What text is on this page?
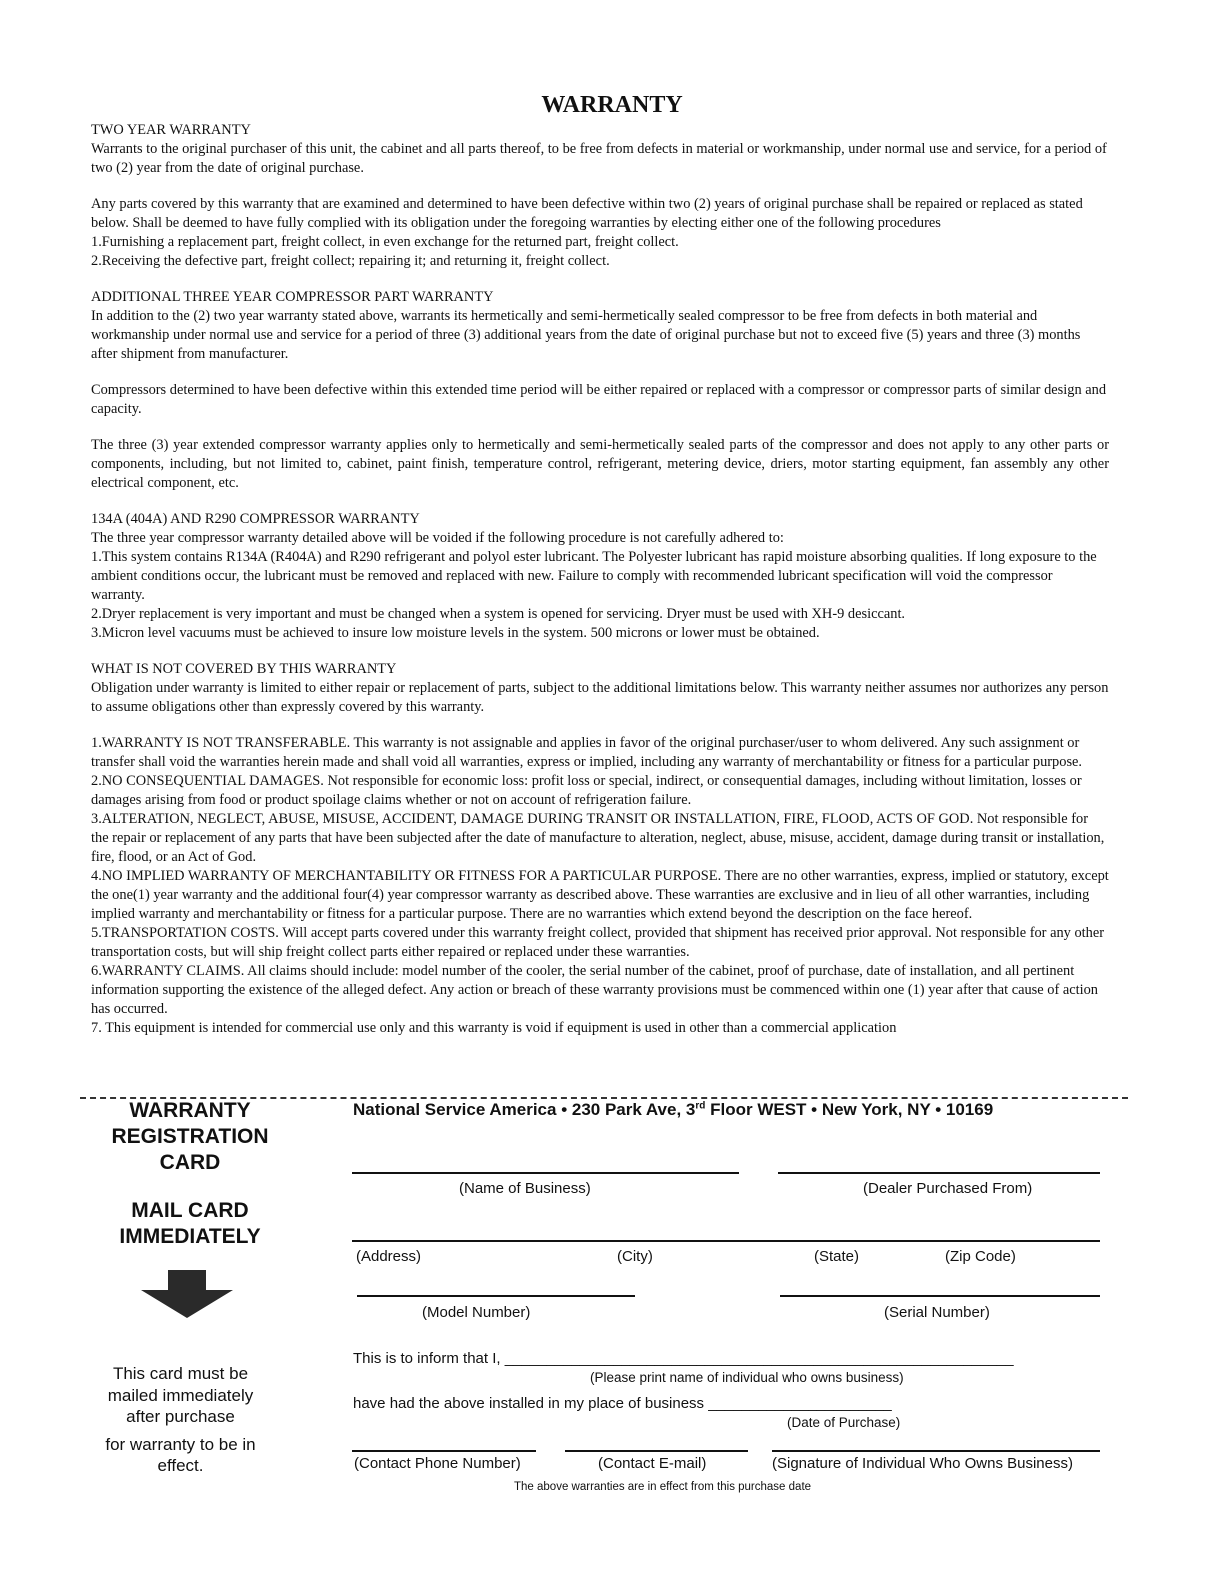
WARRANTY

TWO YEAR WARRANTY

Warrants to the original purchaser of this unit, the cabinet and all parts thereof, to be free from defects in material or workmanship, under normal use and service, for a period of two (2) year from the date of original purchase.

Any parts covered by this warranty that are examined and determined to have been defective within two (2) years of original purchase shall be repaired or replaced as stated below. Shall be deemed to have fully complied with its obligation under the foregoing warranties by electing either one of the following procedures

1.Furnishing a replacement part, freight collect, in even exchange for the returned part, freight collect.

2.Receiving the defective part, freight collect; repairing it; and returning it, freight collect.

ADDITIONAL THREE YEAR COMPRESSOR PART WARRANTY

In addition to the (2) two year warranty stated above, warrants its hermetically and semi-hermetically sealed compressor to be free from defects in both material and workmanship under normal use and service for a period of three (3) additional years from the date of original purchase but not to exceed five (5) years and three (3) months after shipment from manufacturer.

Compressors determined to have been defective within this extended time period will be either repaired or replaced with a compressor or compressor parts of similar design and capacity.

The three (3) year extended compressor warranty applies only to hermetically and semi-hermetically sealed parts of the compressor and does not apply to any other parts or components, including, but not limited to, cabinet, paint finish, temperature control, refrigerant, metering device, driers, motor starting equipment, fan assembly any other electrical component, etc.

134A (404A) AND R290 COMPRESSOR WARRANTY

The three year compressor warranty detailed above will be voided if the following procedure is not carefully adhered to:

1.This system contains R134A (R404A) and R290 refrigerant and polyol ester lubricant. The Polyester lubricant has rapid moisture absorbing qualities. If long exposure to the ambient conditions occur, the lubricant must be removed and replaced with new. Failure to comply with recommended lubricant specification will void the compressor warranty.

2.Dryer replacement is very important and must be changed when a system is opened for servicing. Dryer must be used with XH-9 desiccant.

3.Micron level vacuums must be achieved to insure low moisture levels in the system. 500 microns or lower must be obtained.

WHAT IS NOT COVERED BY THIS WARRANTY

Obligation under warranty is limited to either repair or replacement of parts, subject to the additional limitations below. This warranty neither assumes nor authorizes any person to assume obligations other than expressly covered by this warranty.

1.WARRANTY IS NOT TRANSFERABLE. This warranty is not assignable and applies in favor of the original purchaser/user to whom delivered. Any such assignment or transfer shall void the warranties herein made and shall void all warranties, express or implied, including any warranty of merchantability or fitness for a particular purpose.

2.NO CONSEQUENTIAL DAMAGES. Not responsible for economic loss: profit loss or special, indirect, or consequential damages, including without limitation, losses or damages arising from food or product spoilage claims whether or not on account of refrigeration failure.

3.ALTERATION, NEGLECT, ABUSE, MISUSE, ACCIDENT, DAMAGE DURING TRANSIT OR INSTALLATION, FIRE, FLOOD, ACTS OF GOD. Not responsible for the repair or replacement of any parts that have been subjected after the date of manufacture to alteration, neglect, abuse, misuse, accident, damage during transit or installation, fire, flood, or an Act of God.

4.NO IMPLIED WARRANTY OF MERCHANTABILITY OR FITNESS FOR A PARTICULAR PURPOSE. There are no other warranties, express, implied or statutory, except the one(1) year warranty and the additional four(4) year compressor warranty as described above. These warranties are exclusive and in lieu of all other warranties, including implied warranty and merchantability or fitness for a particular purpose. There are no warranties which extend beyond the description on the face hereof.

5.TRANSPORTATION COSTS. Will accept parts covered under this warranty freight collect, provided that shipment has received prior approval. Not responsible for any other transportation costs, but will ship freight collect parts either repaired or replaced under these warranties.

6.WARRANTY CLAIMS. All claims should include: model number of the cooler, the serial number of the cabinet, proof of purchase, date of installation, and all pertinent information supporting the existence of the alleged defect. Any action or breach of these warranty provisions must be commenced within one (1) year after that cause of action has occurred.

7. This equipment is intended for commercial use only and this warranty is void if equipment is used in other than a commercial application

WARRANTY
REGISTRATION
CARD
MAIL CARD
IMMEDIATELY
This card must be
mailed immediately
after purchase
for warranty to be in
effect.
National Service America • 230 Park Ave, 3rd Floor WEST • New York, NY • 10169
(Name of Business)	(Dealer Purchased From)
(Address)	(City)	(State)	(Zip Code)
(Model Number)	(Serial Number)
This is to inform that I, _____________________________________________________________
(Please print name of individual who owns business)
have had the above installed in my place of business ______________________
(Date of Purchase)
(Contact Phone Number)	(Contact E-mail)	(Signature of Individual Who Owns Business)
The above warranties are in effect from this purchase date
